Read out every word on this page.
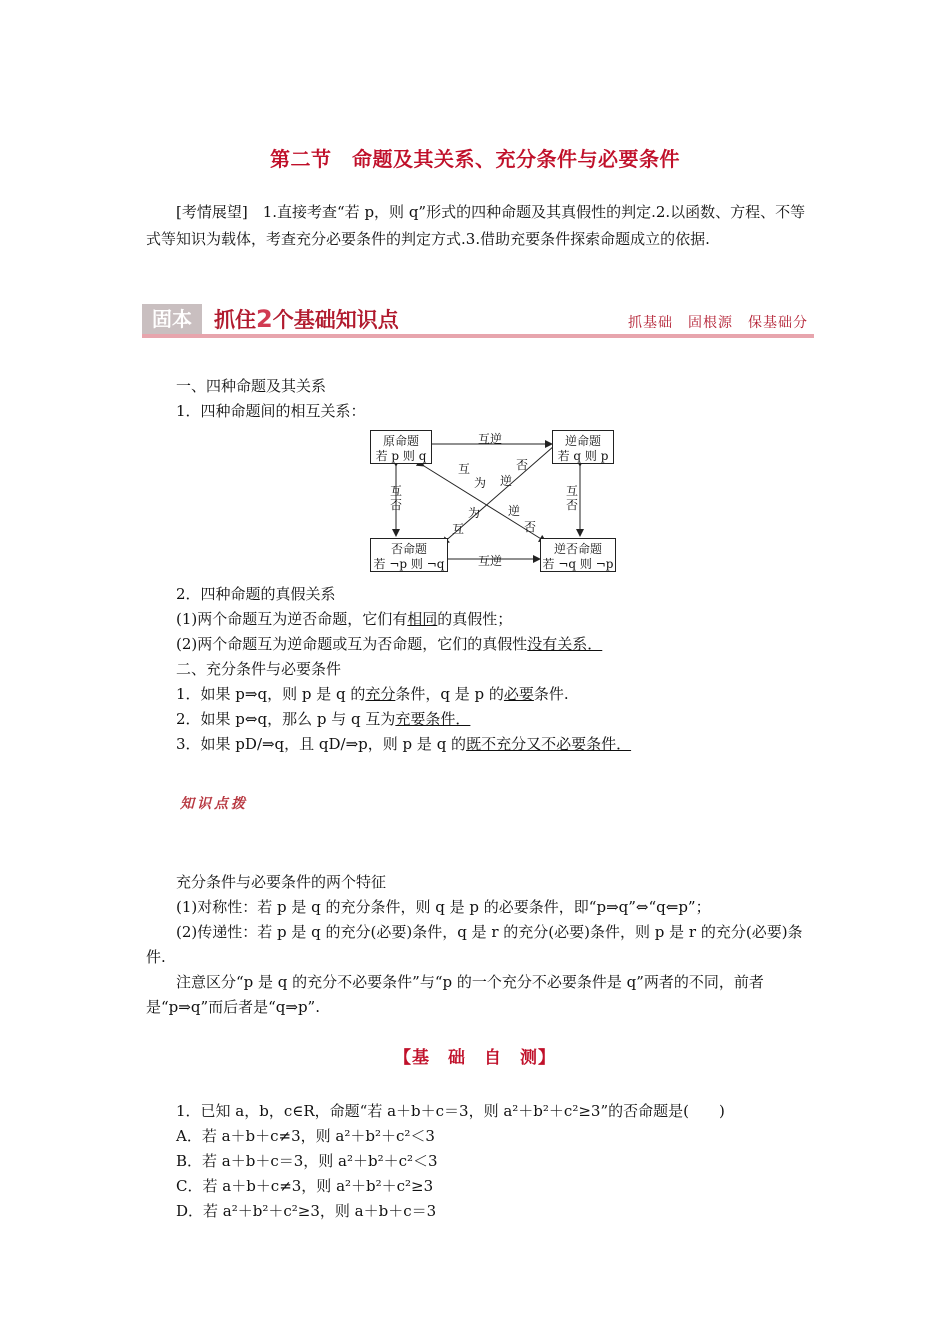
第二节　命题及其关系、充分条件与必要条件
[考情展望]　1.直接考查“若 p，则 q”形式的四种命题及其真假性的判定.2.以函数、方程、不等式等知识为载体，考查充分必要条件的判定方式.3.借助充要条件探索命题成立的依据.
固本	抓住2个基础知识点	抓基础　固根源　保基础分
一、四种命题及其关系
1．四种命题间的相互关系：
原命题
若 p 则 q
逆命题
若 q 则 p
否命题
若 ¬p 则 ¬q
逆否命题
若 ¬q 则 ¬p
互逆
互逆
互
否
互
否
互
为
逆
否
否
逆
为
互
2．四种命题的真假关系
(1)两个命题互为逆否命题，它们有相同的真假性；
(2)两个命题互为逆命题或互为否命题，它们的真假性没有关系．
二、充分条件与必要条件
1．如果 p⇒q，则 p 是 q 的充分条件，q 是 p 的必要条件.
2．如果 p⇔q，那么 p 与 q 互为充要条件．
3．如果 pD/⇒q，且 qD/⇒p，则 p 是 q 的既不充分又不必要条件．
知识点拨
充分条件与必要条件的两个特征
(1)对称性：若 p 是 q 的充分条件，则 q 是 p 的必要条件，即“p⇒q”⇔“q⇐p”；
(2)传递性：若 p 是 q 的充分(必要)条件，q 是 r 的充分(必要)条件，则 p 是 r 的充分(必要)条件.
注意区分“p 是 q 的充分不必要条件”与“p 的一个充分不必要条件是 q”两者的不同，前者是“p⇒q”而后者是“q⇒p”.
【基　础　自　测】
1．已知 a，b，c∈R，命题“若 a＋b＋c＝3，则 a²＋b²＋c²≥3”的否命题是(　　)
A．若 a＋b＋c≠3，则 a²＋b²＋c²＜3
B．若 a＋b＋c＝3，则 a²＋b²＋c²＜3
C．若 a＋b＋c≠3，则 a²＋b²＋c²≥3
D．若 a²＋b²＋c²≥3，则 a＋b＋c＝3
